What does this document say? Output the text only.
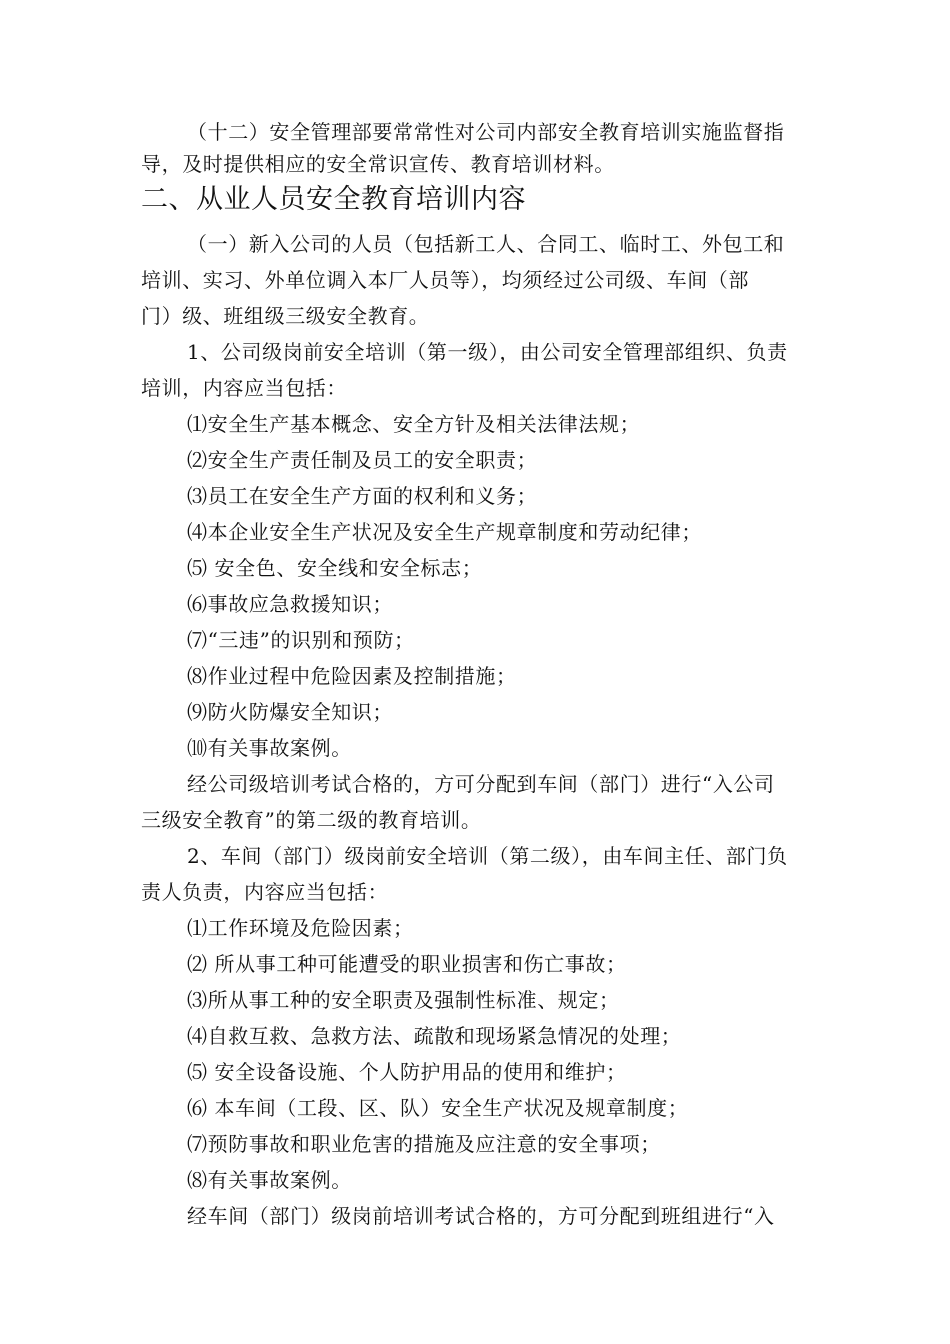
（十二）安全管理部要常常性对公司内部安全教育培训实施监督指
导，及时提供相应的安全常识宣传、教育培训材料。
二、从业人员安全教育培训内容
（一）新入公司的人员（包括新工人、合同工、临时工、外包工和
培训、实习、外单位调入本厂人员等），均须经过公司级、车间（部
门）级、班组级三级安全教育。
1、公司级岗前安全培训（第一级），由公司安全管理部组织、负责
培训，内容应当包括：
⑴安全生产基本概念、安全方针及相关法律法规；
⑵安全生产责任制及员工的安全职责；
⑶员工在安全生产方面的权利和义务；
⑷本企业安全生产状况及安全生产规章制度和劳动纪律；
⑸ 安全色、安全线和安全标志；
⑹事故应急救援知识；
⑺“三违”的识别和预防；
⑻作业过程中危险因素及控制措施；
⑼防火防爆安全知识；
⑽有关事故案例。
经公司级培训考试合格的，方可分配到车间（部门）进行“入公司
三级安全教育”的第二级的教育培训。
2、车间（部门）级岗前安全培训（第二级），由车间主任、部门负
责人负责，内容应当包括：
⑴工作环境及危险因素；
⑵ 所从事工种可能遭受的职业损害和伤亡事故；
⑶所从事工种的安全职责及强制性标准、规定；
⑷自救互救、急救方法、疏散和现场紧急情况的处理；
⑸ 安全设备设施、个人防护用品的使用和维护；
⑹ 本车间（工段、区、队）安全生产状况及规章制度；
⑺预防事故和职业危害的措施及应注意的安全事项；
⑻有关事故案例。
经车间（部门）级岗前培训考试合格的，方可分配到班组进行“入
